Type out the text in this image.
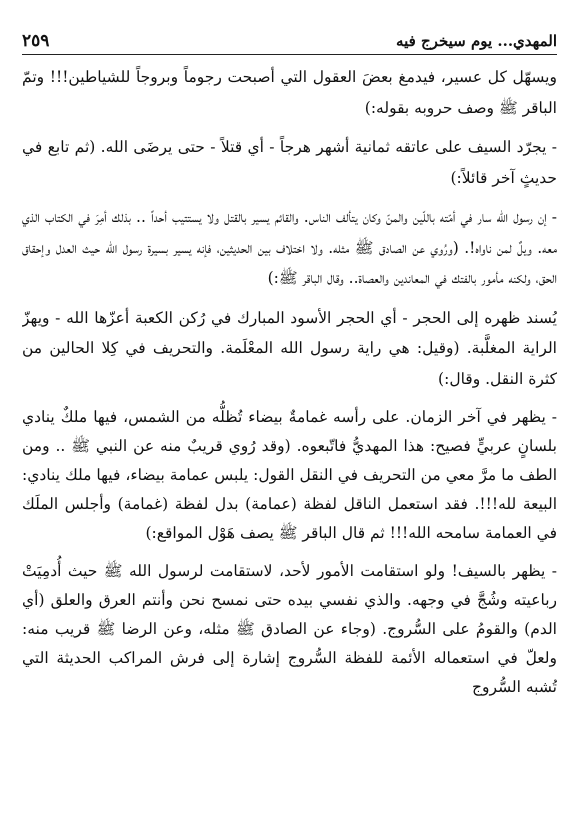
المهدي... يوم سيخرج فيه
٢٥٩

ويسهّل كل عسير، فيدمغ بعضَ العقول التي أصبحت رجوماً وبروجاً للشياطين!!! وتمّ الباقر ﷺ وصف حروبه بقوله:)

- يجرّد السيف على عاتقه ثمانية أشهر هرجاً - أي قتلاً - حتى يرضَى الله. (ثم تابع في حديثٍ آخر قائلاً:)

- إن رسول الله سار في أمّته باللّين والمنّ وكان يتألف الناس. والقائم يسير بالقتل ولا يستتيب أحداً .. بذلك أمِرَ في الكتاب الذي معه. ويلٌ لمن ناواه!. (ورُوي عن الصادق ﷺ مثله. ولا اختلاف بين الحديثين، فإنه يسير بسيرة رسول الله حيث العدل وإحقاق الحق، ولكنه مأمور بالفتك في المعاندين والعصاة.. وقال الباقر ﷺ:)

يُسند ظهره إلى الحجر - أي الحجر الأسود المبارك في رُكن الكعبة أعزّها الله - ويهزّ الراية المغلَّبة. (وقيل: هي راية رسول الله المعْلَمة. والتحريف في كِلا الحالين من كثرة النقل. وقال:)

- يظهر في آخر الزمان. على رأسه غمامةٌ بيضاء تُظلُّه من الشمس، فيها ملكٌ ينادي بلسانٍ عربيٍّ فصيح: هذا المهديُّ فاتّبعوه. (وقد رُوي قريبٌ منه عن النبي ﷺ .. ومن الطف ما مرَّ معي من التحريف في النقل القول: يلبس عمامة بيضاء، فيها ملك ينادي: البيعة لله!!!. فقد استعمل الناقل لفظة (عمامة) بدل لفظة (غمامة) وأجلس الملَك في العمامة سامحه الله!!! ثم قال الباقر ﷺ يصف هَوْل المواقع:)

- يظهر بالسيف! ولو استقامت الأمور لأحد، لاستقامت لرسول الله ﷺ حيث أُدمِيَتْ رباعيته وشُجَّ في وجهه. والذي نفسي بيده حتى نمسح نحن وأنتم العرق والعلق (أي الدم) والقومُ على السُّروج. (وجاء عن الصادق ﷺ مثله، وعن الرضا ﷺ قريب منه: ولعلّ في استعماله الأئمة للفظة السُّروج إشارة إلى فرش المراكب الحديثة التي تُشبه السُّروج
